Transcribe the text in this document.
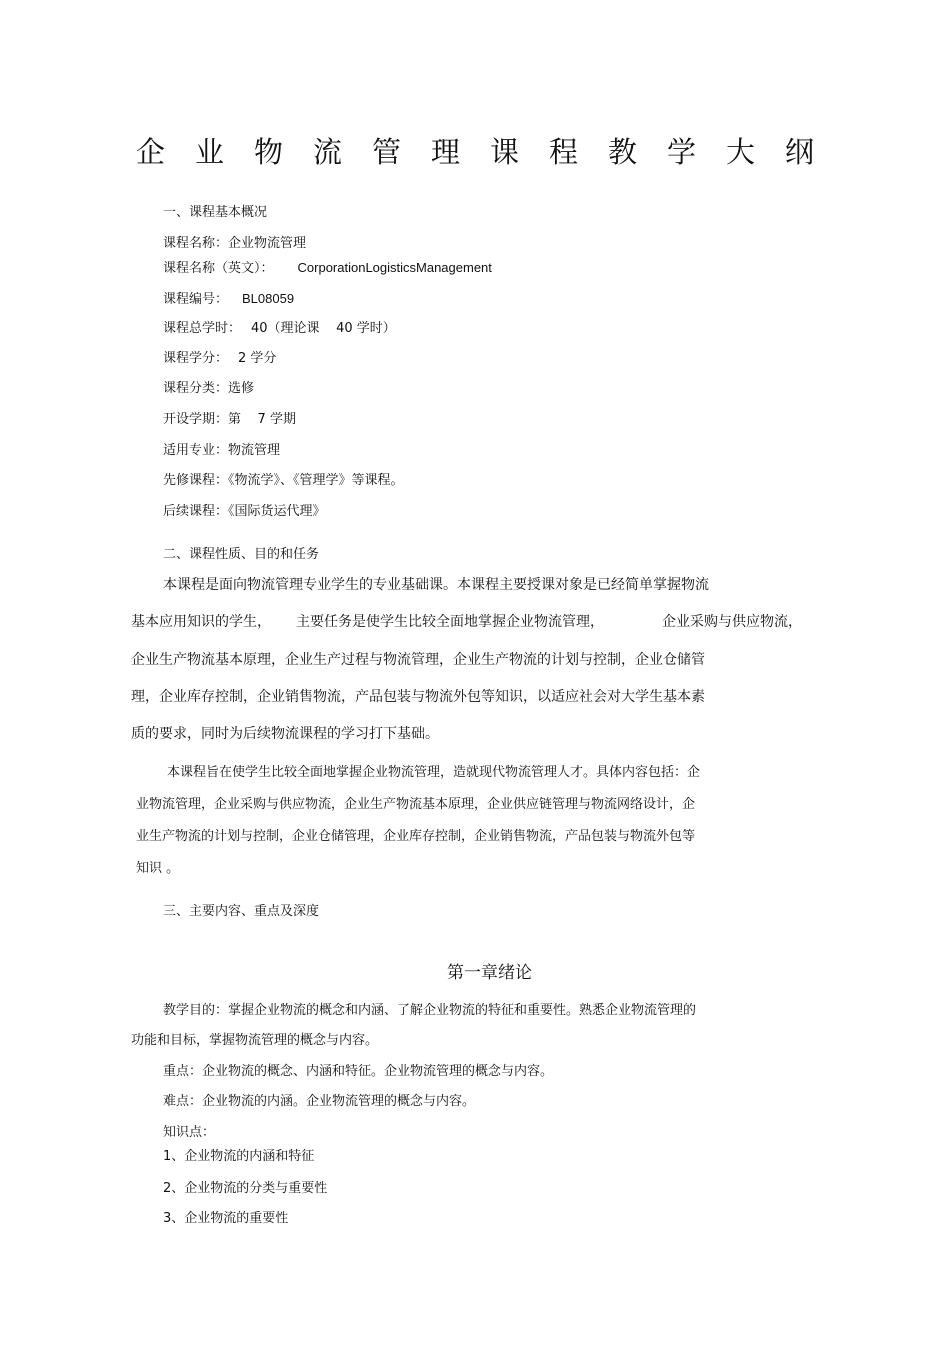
企业物流管理课程教学大纲
一、课程基本概况
课程名称：企业物流管理
课程名称（英文）： CorporationLogisticsManagement
课程编号： BL08059
课程总学时： 40（理论课    40 学时）
课程学分： 2 学分
课程分类：选修
开设学期：第    7 学期
适用专业：物流管理
先修课程：《物流学》、《管理学》等课程。
后续课程：《国际货运代理》
二、课程性质、目的和任务
本课程是面向物流管理专业学生的专业基础课。本课程主要授课对象是已经简单掌握物流
基本应用知识的学生， 主要任务是使学生比较全面地掌握企业物流管理，	企业采购与供应物流，
企业生产物流基本原理，企业生产过程与物流管理，企业生产物流的计划与控制，企业仓储管
理，企业库存控制，企业销售物流，产品包装与物流外包等知识，以适应社会对大学生基本素
质的要求，同时为后续物流课程的学习打下基础。
本课程旨在使学生比较全面地掌握企业物流管理，造就现代物流管理人才。具体内容包括：企
业物流管理，企业采购与供应物流，企业生产物流基本原理，企业供应链管理与物流网络设计，企
业生产物流的计划与控制，企业仓储管理，企业库存控制，企业销售物流，产品包装与物流外包等
知识 。
三、主要内容、重点及深度
第一章绪论
教学目的：掌握企业物流的概念和内涵、了解企业物流的特征和重要性。熟悉企业物流管理的
功能和目标，掌握物流管理的概念与内容。
重点：企业物流的概念、内涵和特征。企业物流管理的概念与内容。
难点：企业物流的内涵。企业物流管理的概念与内容。
知识点：
1、企业物流的内涵和特征
2、企业物流的分类与重要性
3、企业物流的重要性
